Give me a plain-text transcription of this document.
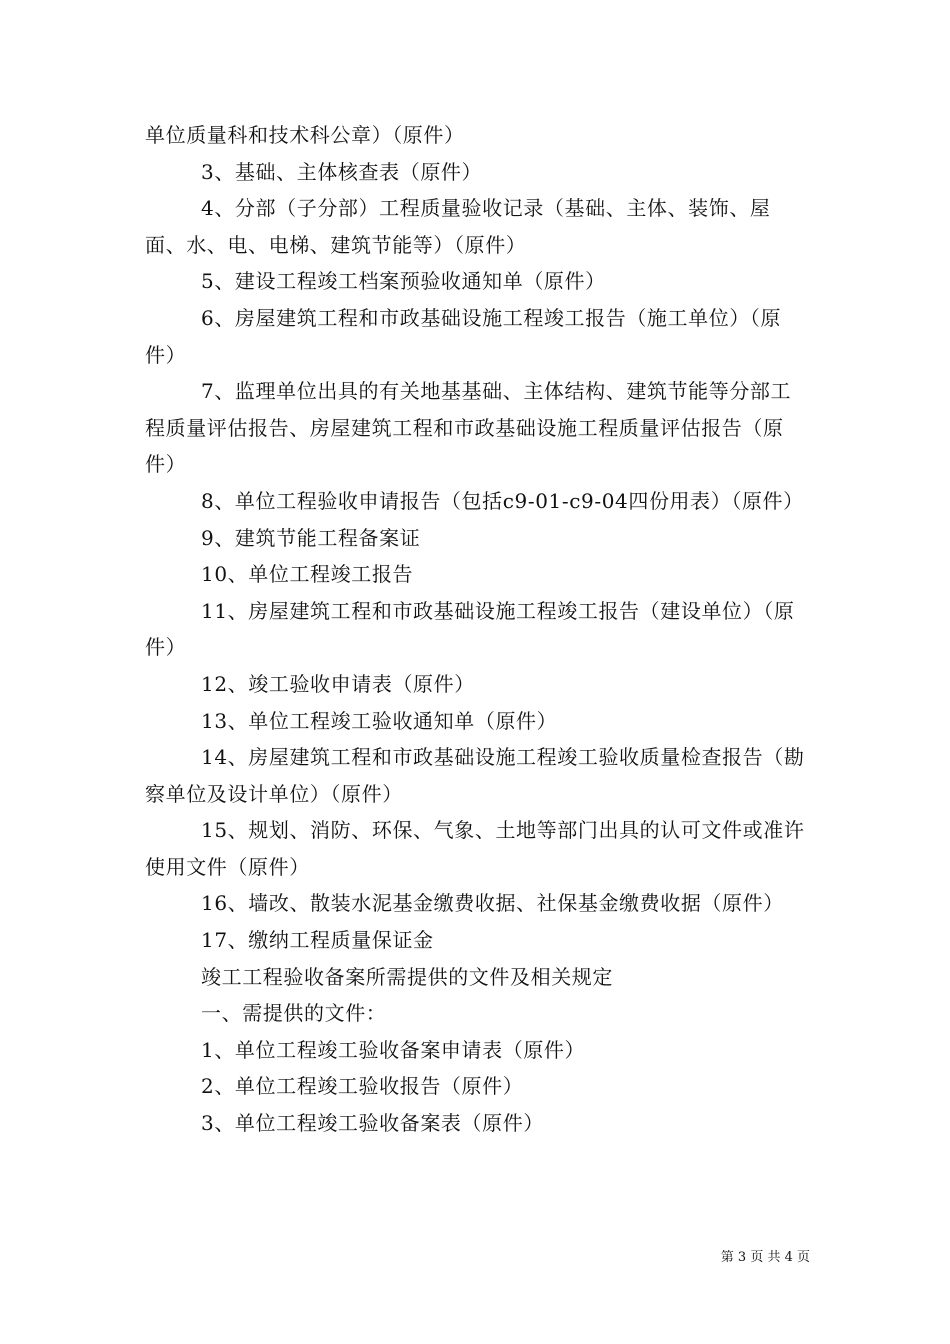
单位质量科和技术科公章）（原件）

3、基础、主体核查表（原件）

4、分部（子分部）工程质量验收记录（基础、主体、装饰、屋面、水、电、电梯、建筑节能等）（原件）

5、建设工程竣工档案预验收通知单（原件）

6、房屋建筑工程和市政基础设施工程竣工报告（施工单位）（原件）

7、监理单位出具的有关地基基础、主体结构、建筑节能等分部工程质量评估报告、房屋建筑工程和市政基础设施工程质量评估报告（原件）

8、单位工程验收申请报告（包括c9-01-c9-04四份用表）（原件）

9、建筑节能工程备案证

10、单位工程竣工报告

11、房屋建筑工程和市政基础设施工程竣工报告（建设单位）（原件）

12、竣工验收申请表（原件）

13、单位工程竣工验收通知单（原件）

14、房屋建筑工程和市政基础设施工程竣工验收质量检查报告（勘察单位及设计单位）（原件）

15、规划、消防、环保、气象、土地等部门出具的认可文件或准许使用文件（原件）

16、墙改、散装水泥基金缴费收据、社保基金缴费收据（原件）

17、缴纳工程质量保证金

竣工工程验收备案所需提供的文件及相关规定

一、需提供的文件：

1、单位工程竣工验收备案申请表（原件）

2、单位工程竣工验收报告（原件）

3、单位工程竣工验收备案表（原件）

第 3 页 共 4 页
